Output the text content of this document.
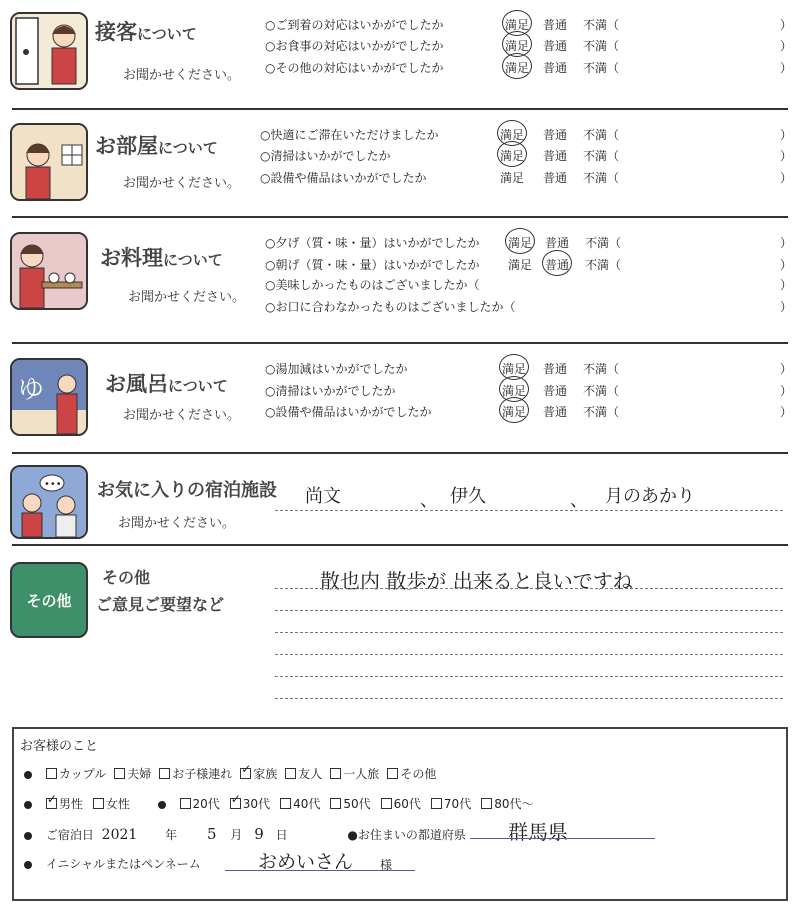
接客について
お聞かせください。
○ご到着の対応はいかがでしたか	満足 普通 不満（	）
○お食事の対応はいかがでしたか	満足 普通 不満（	）
○その他の対応はいかがでしたか	満足 普通 不満（	）
お部屋について
お聞かせください。
○快適にご滞在いただけましたか	満足 普通 不満（	）
○清掃はいかがでしたか	満足 普通 不満（	）
○設備や備品はいかがでしたか	満足 普通 不満（	）
お料理について
お聞かせください。
○夕げ（質・味・量）はいかがでしたか 満足 普通 不満（	）
○朝げ（質・味・量）はいかがでしたか 満足 普通 不満（	）
○美味しかったものはございましたか（	）
○お口に合わなかったものはございましたか（	）
ゆ	お風呂について
お聞かせください。
○湯加減はいかがでしたか	満足 普通 不満（	）
○清掃はいかがでしたか	満足 普通 不満（	）
○設備や備品はいかがでしたか	満足 普通 不満（	）
••• お気に入りの宿泊施設
お聞かせください。
尚文	、 伊久	、 月のあかり
その他
その他
ご意見ご要望など
散也内 散歩が 出来ると良いですね
お客様のこと
カップル 夫婦 お子様連れ ✓ 家族 友人 一人旅 その他
✓男性 女性	20代 ✓ 30代 40代 50代 60代 70代 80代〜
ご宿泊日 2021 年 5 月 9 日	●お住まいの都道府県 群馬県
イニシャルまたはペンネーム	おめいさん 様
